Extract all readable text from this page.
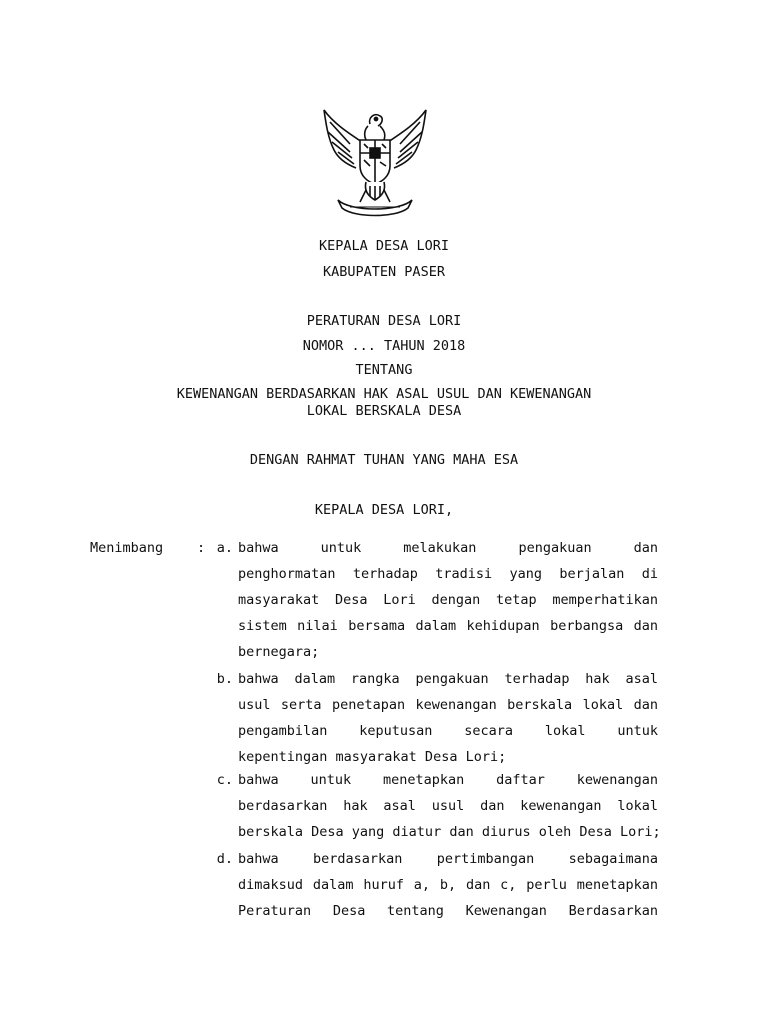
KEPALA DESA LORI
KABUPATEN PASER
PERATURAN DESA LORI
NOMOR ... TAHUN 2018
TENTANG
KEWENANGAN BERDASARKAN HAK ASAL USUL DAN KEWENANGAN
LOKAL BERSKALA DESA
DENGAN RAHMAT TUHAN YANG MAHA ESA
KEPALA DESA LORI,
Menimbang	: a. bahwa untuk melakukan pengakuan dan
penghormatan terhadap tradisi yang berjalan di
masyarakat Desa Lori dengan tetap memperhatikan
sistem nilai bersama dalam kehidupan berbangsa dan
bernegara;
b. bahwa dalam rangka pengakuan terhadap hak asal
usul serta penetapan kewenangan berskala lokal dan
pengambilan keputusan secara lokal untuk
kepentingan masyarakat Desa Lori;
c. bahwa untuk menetapkan daftar kewenangan
berdasarkan hak asal usul dan kewenangan lokal
berskala Desa yang diatur dan diurus oleh Desa Lori;
d. bahwa berdasarkan pertimbangan sebagaimana
dimaksud dalam huruf a, b, dan c, perlu menetapkan
Peraturan Desa tentang Kewenangan Berdasarkan
